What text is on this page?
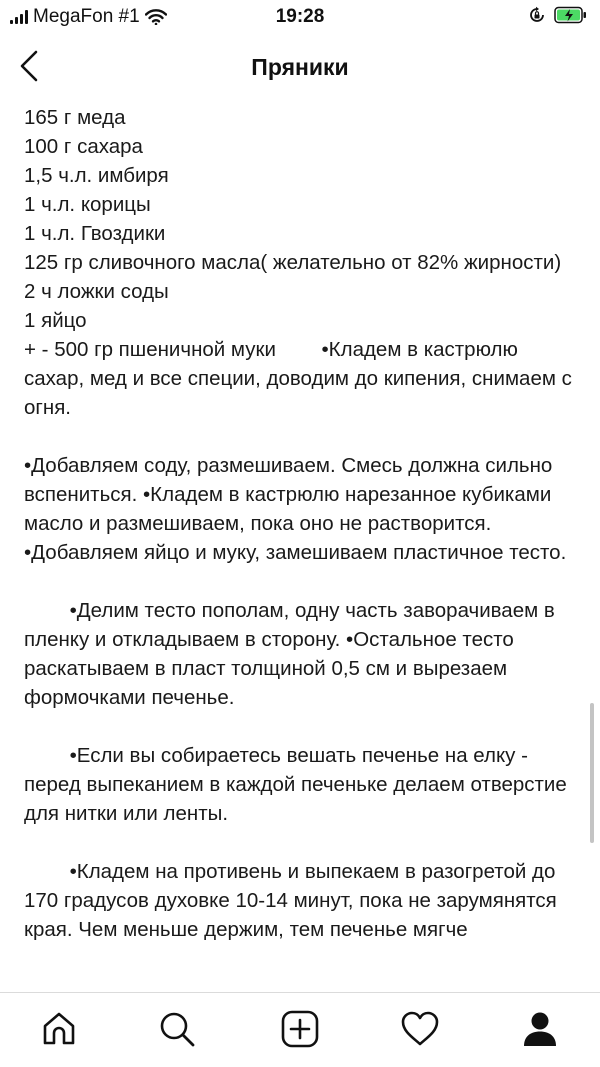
MegaFon #1	19:28
Пряники
165 г меда
100 г сахара
1,5 ч.л. имбиря
1 ч.л. корицы
1 ч.л. Гвоздики
125 гр сливочного масла( желательно от 82% жирности)
2 ч ложки соды
1 яйцо
+ - 500 гр пшеничной муки        •Кладем в кастрюлю сахар, мед и все специи, доводим до кипения, снимаем с огня.

•Добавляем соду, размешиваем. Смесь должна сильно вспениться. •Кладем в кастрюлю нарезанное кубиками масло и размешиваем, пока оно не растворится. •Добавляем яйцо и муку, замешиваем пластичное тесто.

•Делим тесто пополам, одну часть заворачиваем в пленку и откладываем в сторону. •Остальное тесто раскатываем в пласт толщиной 0,5 см и вырезаем формочками печенье.

•Если вы собираетесь вешать печенье на елку - перед выпеканием в каждой печеньке делаем отверстие для нитки или ленты.

•Кладем на противень и выпекаем в разогретой до 170 градусов духовке 10-14 минут, пока не зарумянятся края. Чем меньше держим, тем печенье мягче
